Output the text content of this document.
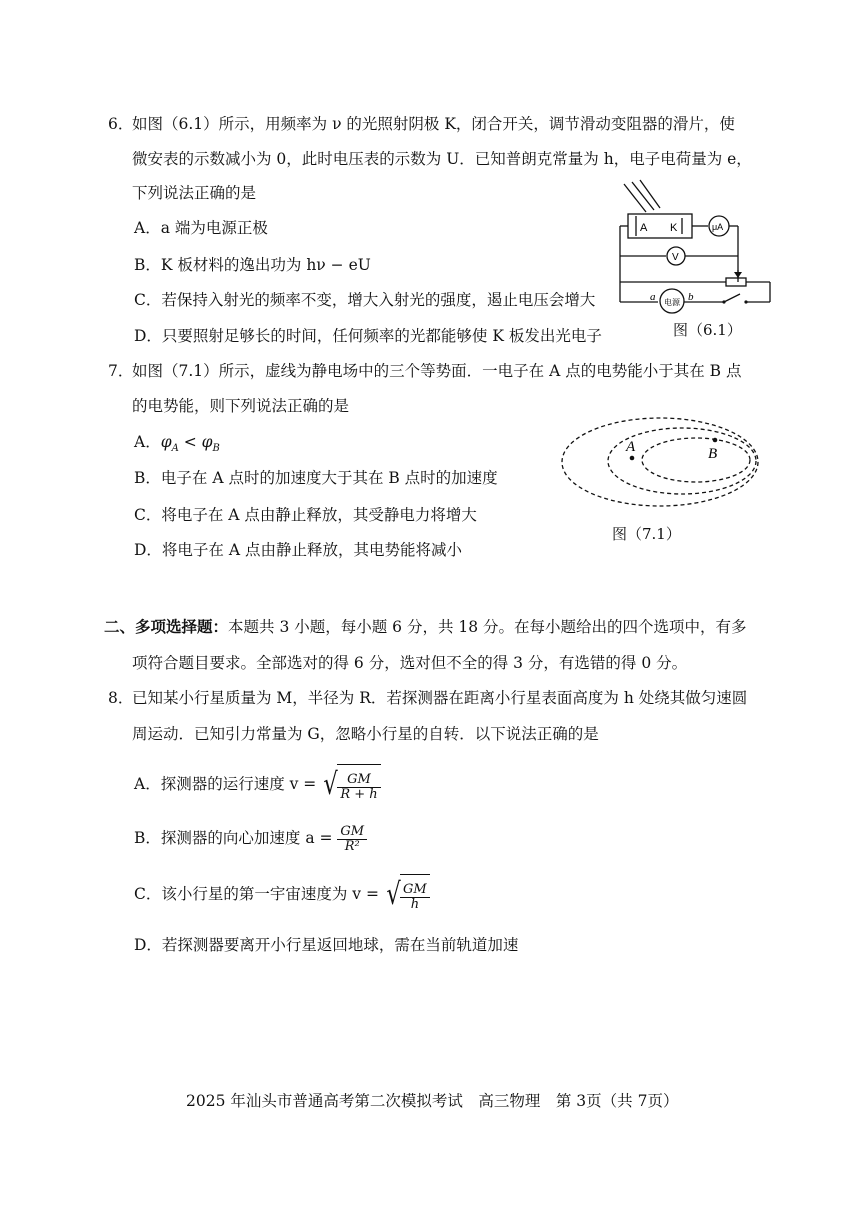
6．
如图（6.1）所示，用频率为 ν 的光照射阴极 K，闭合开关，调节滑动变阻器的滑片，使
微安表的示数减小为 0，此时电压表的示数为 U．已知普朗克常量为 h，电子电荷量为 e，
下列说法正确的是
A．a 端为电源正极
B．K 板材料的逸出功为 hν − eU
C．若保持入射光的频率不变，增大入射光的强度，遏止电压会增大
D．只要照射足够长的时间，任何频率的光都能够使 K 板发出光电子
A K	μA
V
a	b
电源
图（6.1）
7．
如图（7.1）所示，虚线为静电场中的三个等势面．一电子在 A 点的电势能小于其在 B 点
的电势能，则下列说法正确的是
A．$\varphi_A < \varphi_B$
B．电子在 A 点时的加速度大于其在 B 点时的加速度
C．将电子在 A 点由静止释放，其受静电力将增大
D．将电子在 A 点由静止释放，其电势能将减小
A	B
图（7.1）
二、多项选择题：本题共 3 小题，每小题 6 分，共 18 分。在每小题给出的四个选项中，有多
项符合题目要求。全部选对的得 6 分，选对但不全的得 3 分，有选错的得 0 分。
8．
已知某小行星质量为 M，半径为 R．若探测器在距离小行星表面高度为 h 处绕其做匀速圆
周运动．已知引力常量为 G，忽略小行星的自转．以下说法正确的是
A．探测器的运行速度 v = √ $\frac{GM}{R + h}$
B．探测器的向心加速度 $a = \frac{GM}{\text{R²}}$
C．该小行星的第一宇宙速度为 v = √ $\frac{GM}{h}$
D．若探测器要离开小行星返回地球，需在当前轨道加速
2025 年汕头市普通高考第二次模拟考试　高三物理　第 3页（共 7页）
